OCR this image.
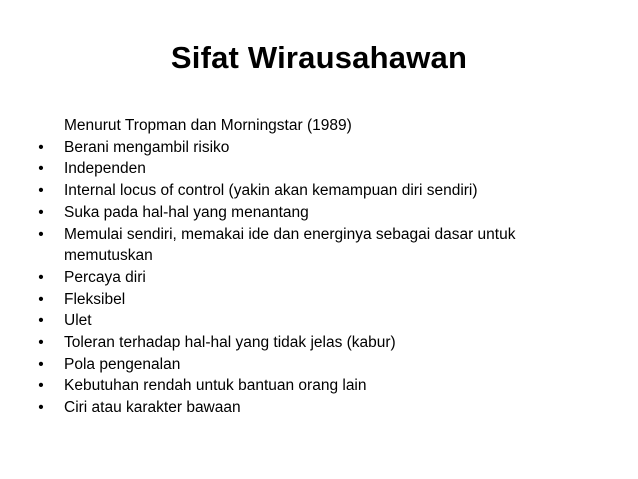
Sifat Wirausahawan

Menurut Tropman dan Morningstar (1989)

• Berani mengambil risiko
• Independen
• Internal locus of control (yakin akan kemampuan diri sendiri)
• Suka pada hal-hal yang menantang
• Memulai sendiri, memakai ide dan energinya sebagai dasar untuk memutuskan
• Percaya diri
• Fleksibel
• Ulet
• Toleran terhadap hal-hal yang tidak jelas (kabur)
• Pola pengenalan
• Kebutuhan rendah untuk bantuan orang lain
• Ciri atau karakter bawaan
